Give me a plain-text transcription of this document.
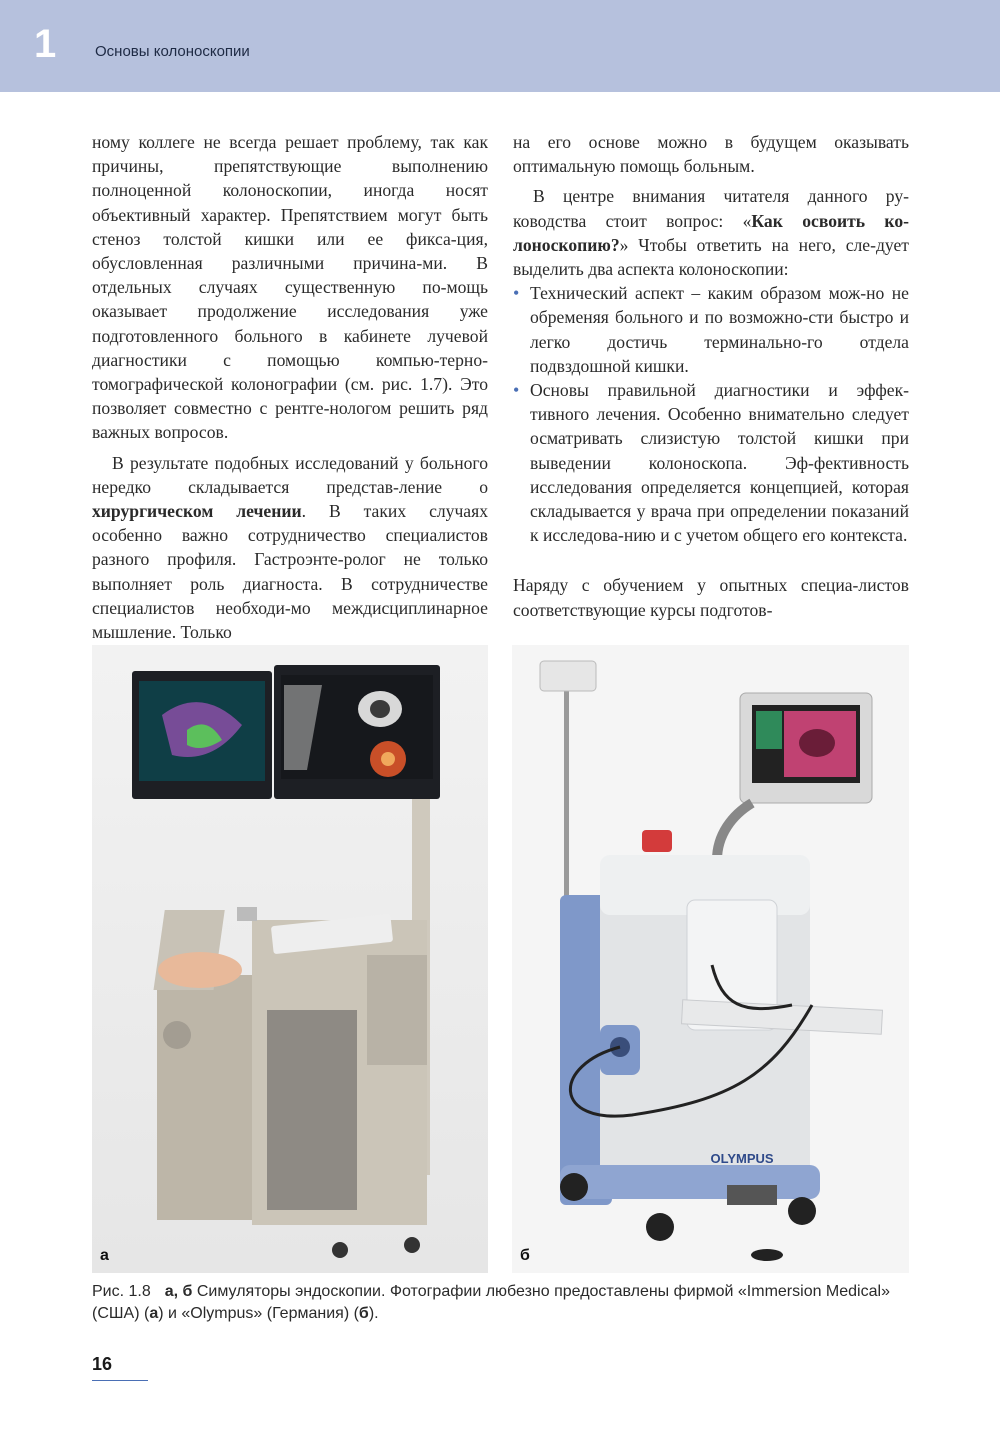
1	Основы колоноскопии

ному коллеге не всегда решает проблему, так как причины, препятствующие выполнению полноценной колоноскопии, иногда носят объективный характер. Препятствием могут быть стеноз толстой кишки или ее фикса-ция, обусловленная различными причина-ми. В отдельных случаях существенную по-мощь оказывает продолжение исследования уже подготовленного больного в кабинете лучевой диагностики с помощью компью-терно-томографической колонографии (см. рис. 1.7). Это позволяет совместно с рентге-нологом решить ряд важных вопросов.

В результате подобных исследований у больного нередко складывается представ-ление о хирургическом лечении. В таких случаях особенно важно сотрудничество специалистов разного профиля. Гастроэнте-ролог не только выполняет роль диагноста. В сотрудничестве специалистов необходи-мо междисциплинарное мышление. Только

на его основе можно в будущем оказывать оптимальную помощь больным.

В центре внимания читателя данного ру-ководства стоит вопрос: «Как освоить ко-лоноскопию?» Чтобы ответить на него, сле-дует выделить два аспекта колоноскопии:

• Технический аспект – каким образом мож-но не обременяя больного и по возможно-сти быстро и легко достичь терминально-го отдела подвздошной кишки.
• Основы правильной диагностики и эффек-тивного лечения. Особенно внимательно следует осматривать слизистую толстой кишки при выведении колоноскопа. Эф-фективность исследования определяется концепцией, которая складывается у врача при определении показаний к исследова-нию и с учетом общего его контекста.

Наряду с обучением у опытных специа-листов соответствующие курсы подготов-

а
OLYMPUS
б
Рис. 1.8 а, б Симуляторы эндоскопии. Фотографии любезно предоставлены фирмой «Immersion Medical» (США) (а) и «Olympus» (Германия) (б).
16
